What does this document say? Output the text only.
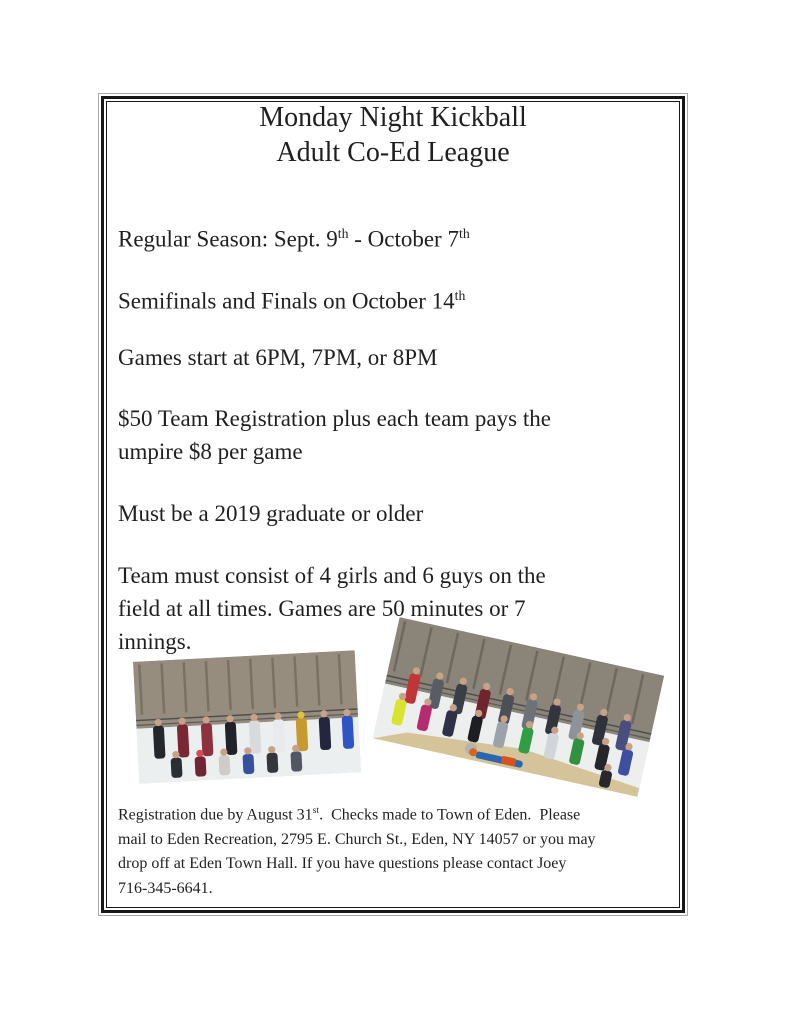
Monday Night Kickball
Adult Co-Ed League

Regular Season: Sept. 9th - October 7th

Semifinals and Finals on October 14th

Games start at 6PM, 7PM, or 8PM

$50 Team Registration plus each team pays the
umpire $8 per game

Must be a 2019 graduate or older

Team must consist of 4 girls and 6 guys on the
field at all times. Games are 50 minutes or 7
innings.

Registration due by August 31st.  Checks made to Town of Eden.  Please
mail to Eden Recreation, 2795 E. Church St., Eden, NY 14057 or you may
drop off at Eden Town Hall. If you have questions please contact Joey
716-345-6641.
